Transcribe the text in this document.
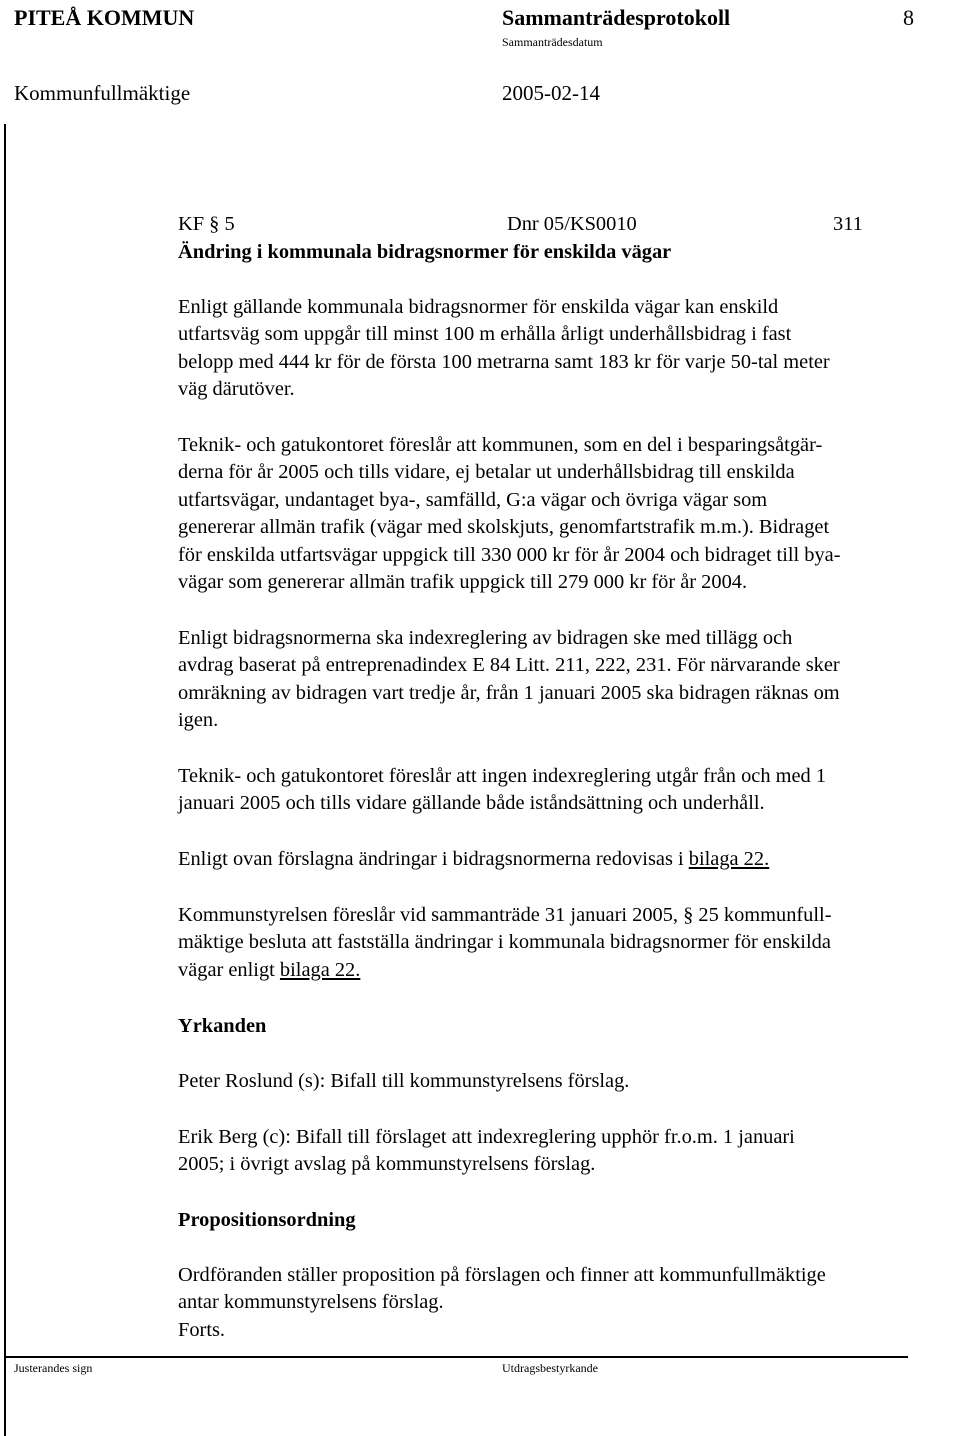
PITEÅ KOMMUN	Sammanträdesprotokoll	8
Sammanträdesdatum
Kommunfullmäktige	2005-02-14
KF § 5	Dnr 05/KS0010	311
Ändring i kommunala bidragsnormer för enskilda vägar
Enligt gällande kommunala bidragsnormer för enskilda vägar kan enskild
utfartsväg som uppgår till minst 100 m erhålla årligt underhållsbidrag i fast
belopp med 444 kr för de första 100 metrarna samt 183 kr för varje 50-tal meter
väg därutöver.
Teknik- och gatukontoret föreslår att kommunen, som en del i besparingsåtgär-
derna för år 2005 och tills vidare, ej betalar ut underhållsbidrag till enskilda
utfartsvägar, undantaget bya-, samfälld, G:a vägar och övriga vägar som
genererar allmän trafik (vägar med skolskjuts, genomfartstrafik m.m.). Bidraget
för enskilda utfartsvägar uppgick till 330 000 kr för år 2004 och bidraget till bya-
vägar som genererar allmän trafik uppgick till 279 000 kr för år 2004.
Enligt bidragsnormerna ska indexreglering av bidragen ske med tillägg och
avdrag baserat på entreprenadindex E 84 Litt. 211, 222, 231. För närvarande sker
omräkning av bidragen vart tredje år, från 1 januari 2005 ska bidragen räknas om
igen.
Teknik- och gatukontoret föreslår att ingen indexreglering utgår från och med 1
januari 2005 och tills vidare gällande både iståndsättning och underhåll.
Enligt ovan förslagna ändringar i bidragsnormerna redovisas i bilaga 22.
Kommunstyrelsen föreslår vid sammanträde 31 januari 2005, § 25 kommunfull-
mäktige besluta att fastställa ändringar i kommunala bidragsnormer för enskilda
vägar enligt bilaga 22.
Yrkanden
Peter Roslund (s): Bifall till kommunstyrelsens förslag.
Erik Berg (c): Bifall till förslaget att indexreglering upphör fr.o.m. 1 januari
2005; i övrigt avslag på kommunstyrelsens förslag.
Propositionsordning
Ordföranden ställer proposition på förslagen och finner att kommunfullmäktige
antar kommunstyrelsens förslag.
Forts.
Justerandes sign	Utdragsbestyrkande
